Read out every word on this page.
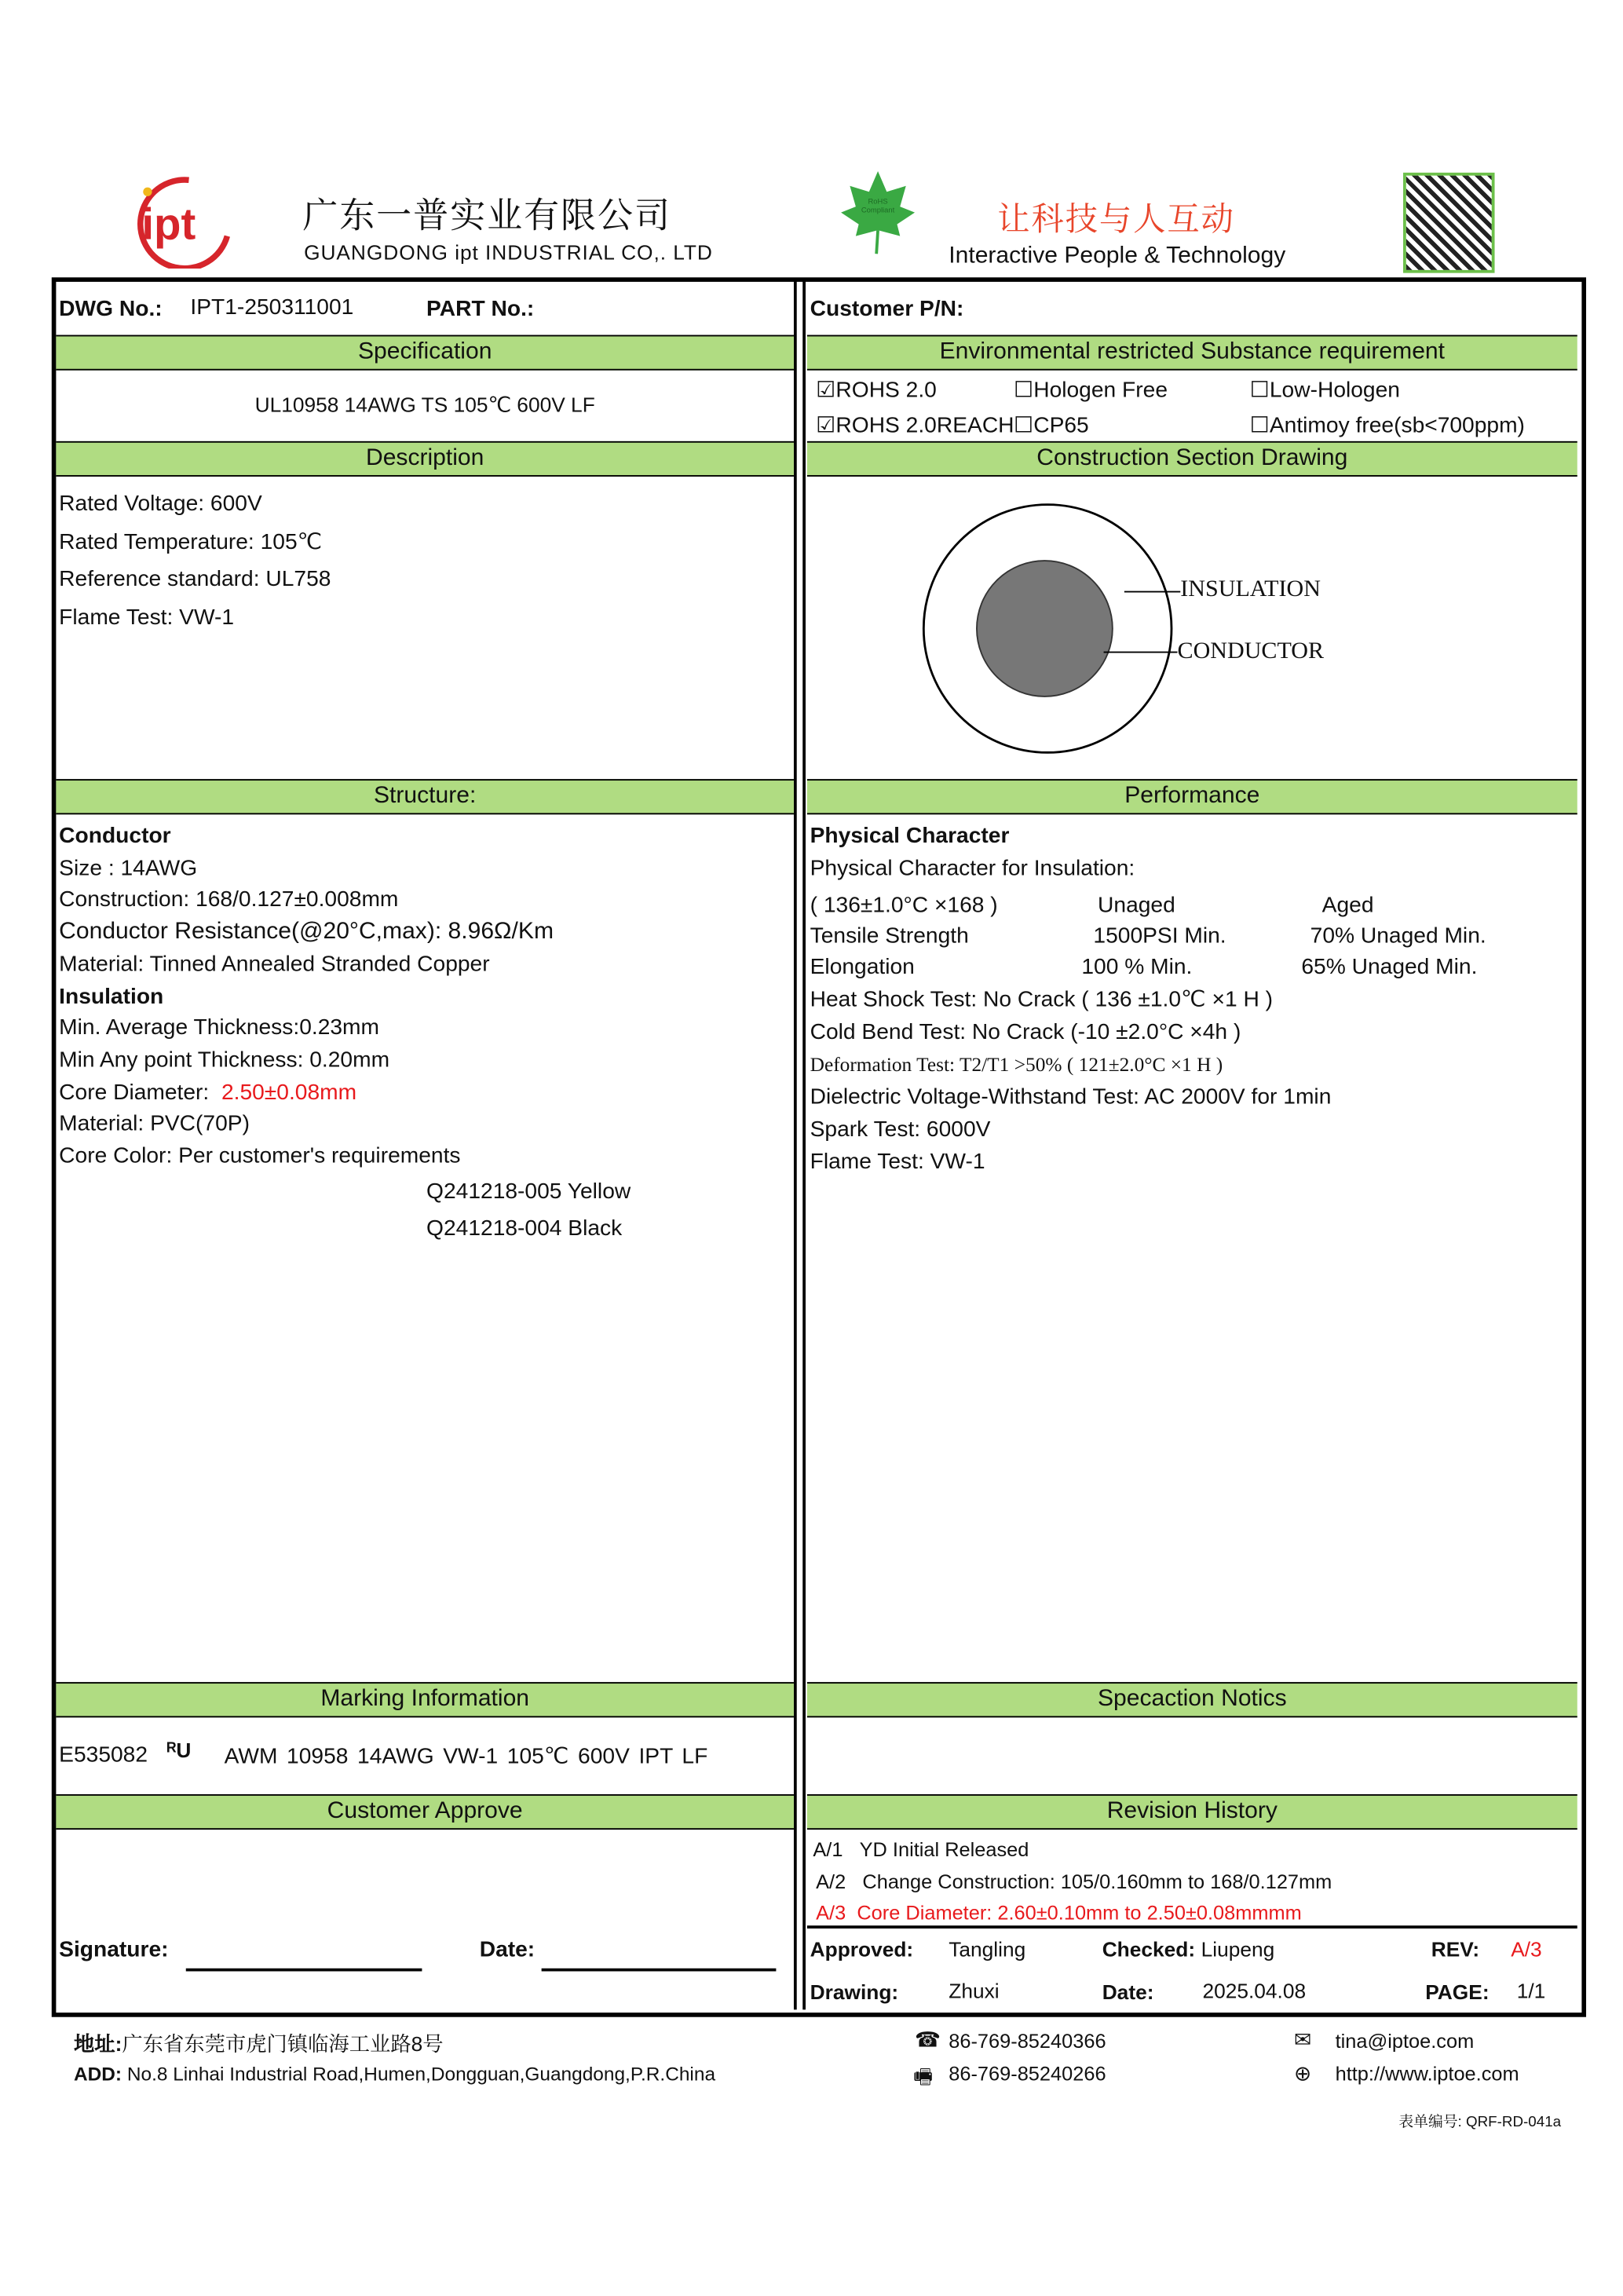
ipt	广东一普实业有限公司
GUANGDONG ipt INDUSTRIAL CO,. LTD
RoHS Compliant	让科技与人互动
Interactive People & Technology
DWG No.: IPT1-250311001	PART No.:
Specification
UL10958 14AWG TS 105℃ 600V LF
Description
Rated Voltage: 600V
Rated Temperature: 105℃
Reference standard: UL758
Flame Test: VW-1
Structure:
Conductor
Size : 14AWG
Construction: 168/0.127±0.008mm
Conductor Resistance(@20°C,max): 8.96Ω/Km
Material: Tinned Annealed Stranded Copper
Insulation
Min. Average Thickness:0.23mm
Min Any point Thickness: 0.20mm
Core Diameter:  2.50±0.08mm
Material: PVC(70P)
Core Color: Per customer's requirements
Q241218-005 Yellow
Q241218-004 Black
Marking Information
E535082 ᴿU	AWM 10958 14AWG VW-1 105℃ 600V IPT LF
Customer Approve
Signature:	Date:
Customer P/N:
Environmental restricted Substance requirement
☑ROHS 2.0	☐Hologen Free	☐Low-Hologen
☑ROHS 2.0REACH ☐CP65	☐Antimoy free(sb<700ppm)
Construction Section Drawing
INSULATION
CONDUCTOR
Performance
Physical Character
Physical Character for Insulation:
( 136±1.0°C ×168 )	Unaged	Aged
Tensile Strength	1500PSI Min.	70% Unaged Min.
Elongation	100 % Min.	65% Unaged Min.
Heat Shock Test: No Crack ( 136 ±1.0℃ ×1 H )
Cold Bend Test: No Crack (-10 ±2.0°C ×4h )
Deformation Test: T2/T1 >50% ( 121±2.0°C ×1 H )
Dielectric Voltage-Withstand Test: AC 2000V for 1min
Spark Test: 6000V
Flame Test: VW-1
Specaction Notics
Revision History
A/1 YD Initial Released
A/2 Change Construction: 105/0.160mm to 168/0.127mm
A/3 Core Diameter: 2.60±0.10mm to 2.50±0.08mmmm
Approved:	Tangling	Checked: Liupeng	REV:	A/3
Drawing:	Zhuxi	Date:	2025.04.08	PAGE:	1/1
地址:广东省东莞市虎门镇临海工业路8号
ADD: No.8 Linhai Industrial Road,Humen,Dongguan,Guangdong,P.R.China
☎ 86-769-85240366
🖷 86-769-85240266
✉ tina@iptoe.com
⊕ http://www.iptoe.com
表单编号: QRF-RD-041a
